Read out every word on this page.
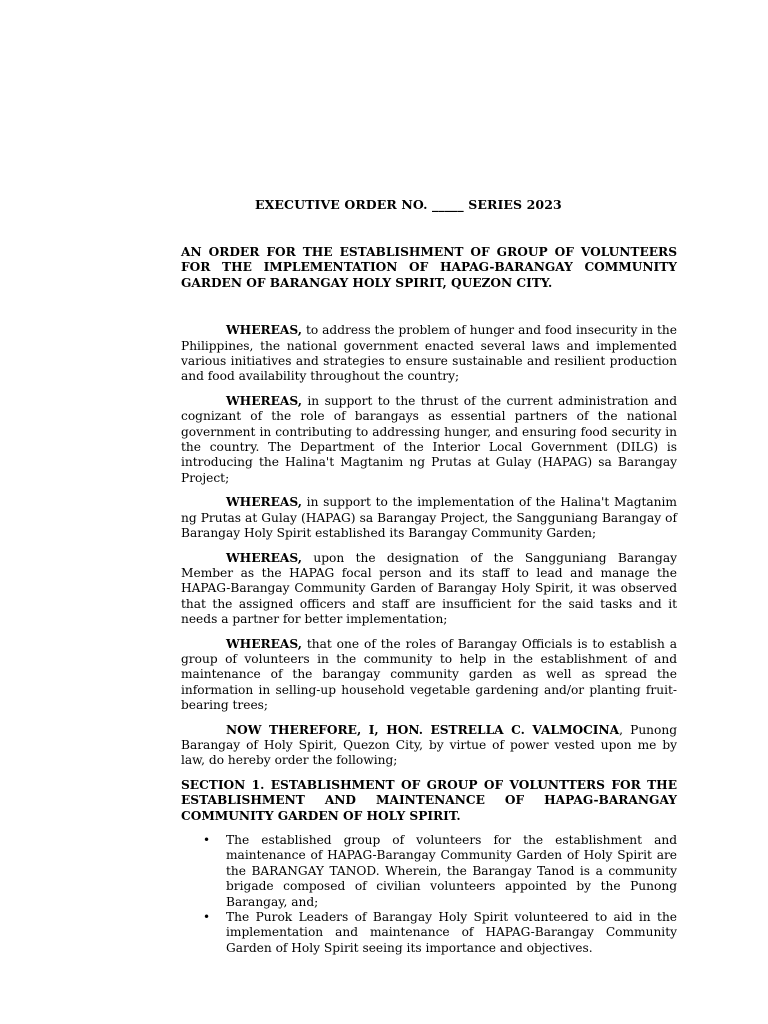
EXECUTIVE ORDER NO. _____ SERIES 2023

AN ORDER FOR THE ESTABLISHMENT OF GROUP OF VOLUNTEERS FOR THE IMPLEMENTATION OF HAPAG-BARANGAY COMMUNITY GARDEN OF BARANGAY HOLY SPIRIT, QUEZON CITY.

WHEREAS, to address the problem of hunger and food insecurity in the Philippines, the national government enacted several laws and implemented various initiatives and strategies to ensure sustainable and resilient production and food availability throughout the country;

WHEREAS, in support to the thrust of the current administration and cognizant of the role of barangays as essential partners of the national government in contributing to addressing hunger, and ensuring food security in the country. The Department of the Interior Local Government (DILG) is introducing the Halina't Magtanim ng Prutas at Gulay (HAPAG) sa Barangay Project;

WHEREAS, in support to the implementation of the Halina't Magtanim ng Prutas at Gulay (HAPAG) sa Barangay Project, the Sangguniang Barangay of Barangay Holy Spirit established its Barangay Community Garden;

WHEREAS, upon the designation of the Sangguniang Barangay Member as the HAPAG focal person and its staff to lead and manage the HAPAG-Barangay Community Garden of Barangay Holy Spirit, it was observed that the assigned officers and staff are insufficient for the said tasks and it needs a partner for better implementation;

WHEREAS, that one of the roles of Barangay Officials is to establish a group of volunteers in the community to help in the establishment of and maintenance of the barangay community garden as well as spread the information in selling-up household vegetable gardening and/or planting fruit-bearing trees;

NOW THEREFORE, I, HON. ESTRELLA C. VALMOCINA, Punong Barangay of Holy Spirit, Quezon City, by virtue of power vested upon me by law, do hereby order the following;

SECTION 1. ESTABLISHMENT OF GROUP OF VOLUNTTERS FOR THE ESTABLISHMENT AND MAINTENANCE OF HAPAG-BARANGAY COMMUNITY GARDEN OF HOLY SPIRIT.

• The established group of volunteers for the establishment and maintenance of HAPAG-Barangay Community Garden of Holy Spirit are the BARANGAY TANOD. Wherein, the Barangay Tanod is a community brigade composed of civilian volunteers appointed by the Punong Barangay, and;
• The Purok Leaders of Barangay Holy Spirit volunteered to aid in the implementation and maintenance of HAPAG-Barangay Community Garden of Holy Spirit seeing its importance and objectives.
